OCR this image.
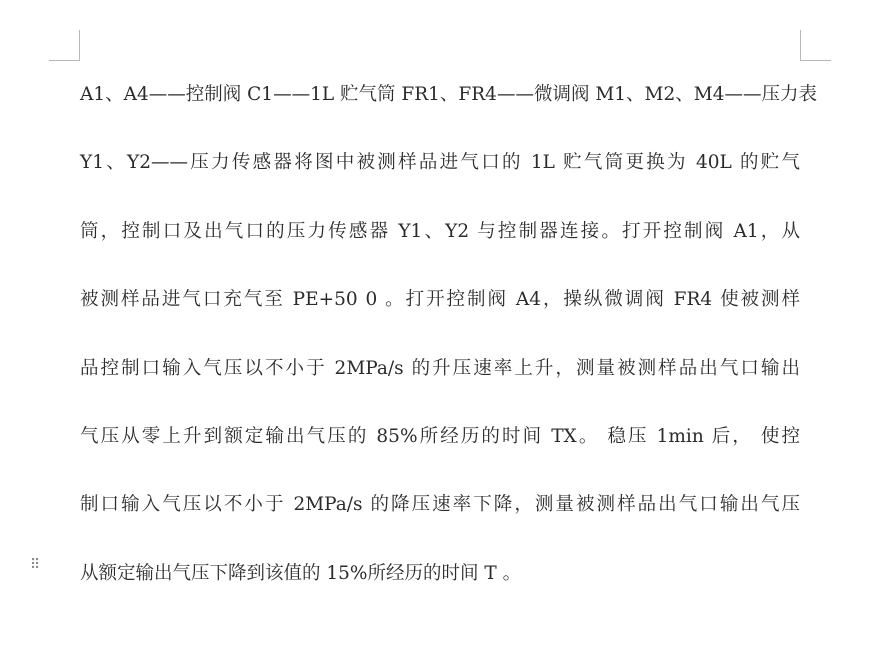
⠿
A1、A4——控制阀 C1——1L 贮气筒 FR1、FR4——微调阀 M1、M2、M4——压力表
Y1、Y2——压力传感器将图中被测样品进气口的 1L 贮气筒更换为 40L 的贮气
筒，控制口及出气口的压力传感器 Y1、Y2 与控制器连接。打开控制阀 A1，从
被测样品进气口充气至 PE+50 0 。打开控制阀 A4，操纵微调阀 FR4 使被测样
品控制口输入气压以不小于 2MPa/s 的升压速率上升，测量被测样品出气口输出
气压从零上升到额定输出气压的 85%所经历的时间 TX。 稳压 1min 后， 使控
制口输入气压以不小于 2MPa/s 的降压速率下降，测量被测样品出气口输出气压
从额定输出气压下降到该值的 15%所经历的时间 T 。
